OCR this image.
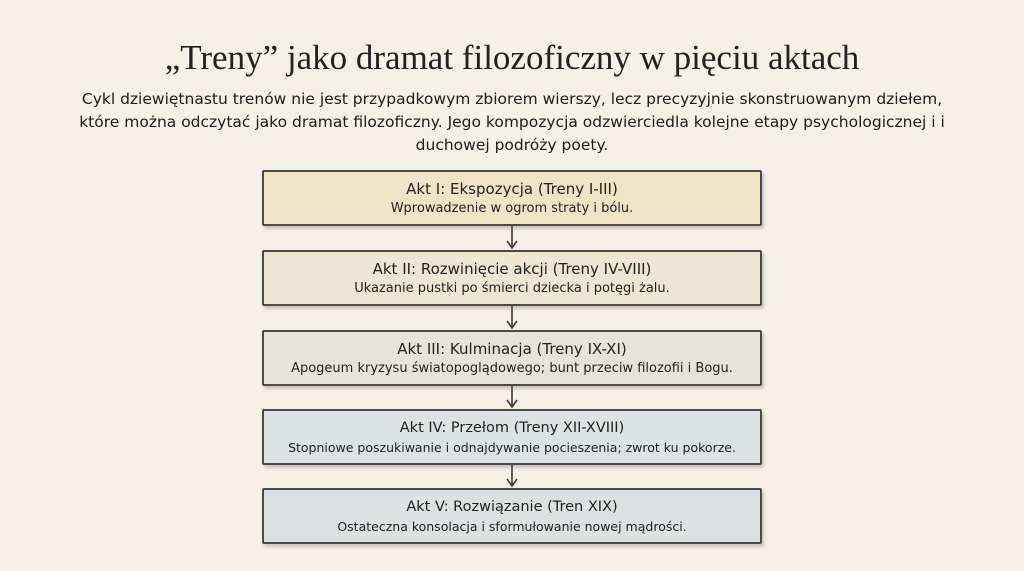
„Treny” jako dramat filozoficzny w pięciu aktach
Cykl dziewiętnastu trenów nie jest przypadkowym zbiorem wierszy, lecz precyzyjnie skonstruowanym dziełem, które można odczytać jako dramat filozoficzny. Jego kompozycja odzwierciedla kolejne etapy psychologicznej i i duchowej podróży poety.
Akt I: Ekspozycja (Treny I-III)
Wprowadzenie w ogrom straty i bólu.
Akt II: Rozwinięcie akcji (Treny IV-VIII)
Ukazanie pustki po śmierci dziecka i potęgi żalu.
Akt III: Kulminacja (Treny IX-XI)
Apogeum kryzysu światopoglądowego; bunt przeciw filozofii i Bogu.
Akt IV: Przełom (Treny XII-XVIII)
Stopniowe poszukiwanie i odnajdywanie pocieszenia; zwrot ku pokorze.
Akt V: Rozwiązanie (Tren XIX)
Ostateczna konsolacja i sformułowanie nowej mądrości.
